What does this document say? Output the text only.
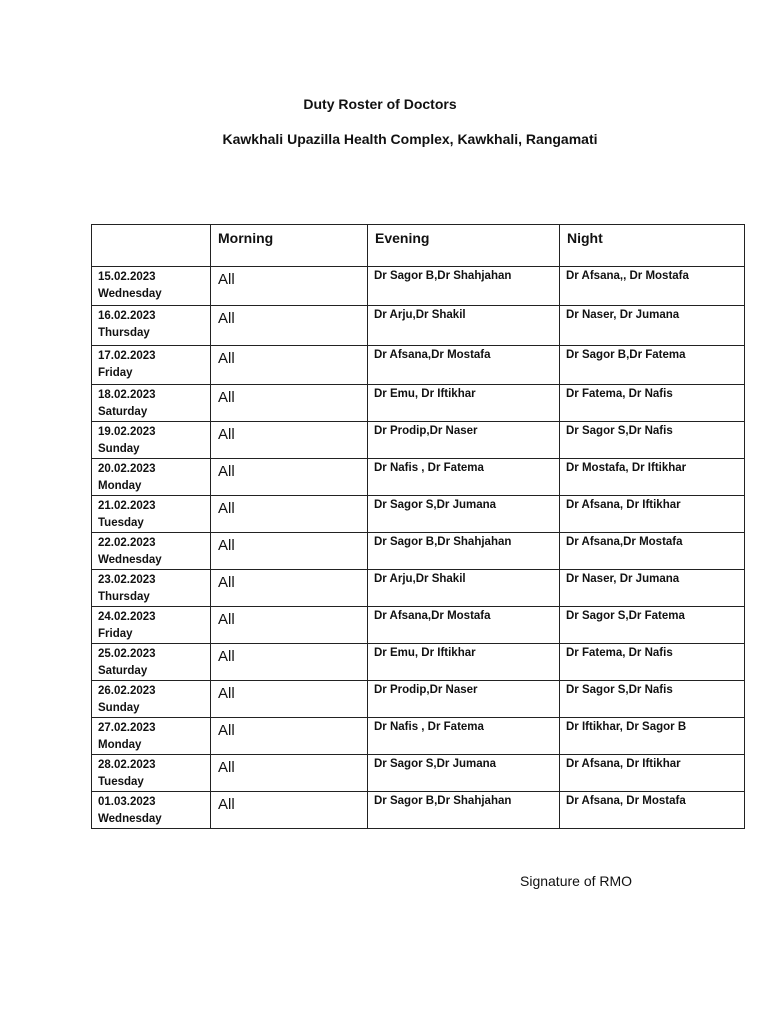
Duty Roster of Doctors
Kawkhali Upazilla Health Complex, Kawkhali, Rangamati
	Morning	Evening	Night

15.02.2023
Wednesday	All	Dr Sagor B,Dr Shahjahan	Dr Afsana,, Dr Mostafa

16.02.2023
Thursday	All	Dr Arju,Dr Shakil	Dr Naser, Dr Jumana

17.02.2023
Friday	All	Dr Afsana,Dr Mostafa	Dr Sagor B,Dr Fatema

18.02.2023
Saturday	All	Dr Emu, Dr Iftikhar	Dr Fatema, Dr Nafis

19.02.2023
Sunday	All	Dr Prodip,Dr Naser	Dr Sagor S,Dr Nafis

20.02.2023
Monday	All	Dr Nafis , Dr Fatema	Dr Mostafa, Dr Iftikhar

21.02.2023
Tuesday	All	Dr Sagor S,Dr Jumana	Dr Afsana, Dr Iftikhar

22.02.2023
Wednesday	All	Dr Sagor B,Dr Shahjahan	Dr Afsana,Dr Mostafa

23.02.2023
Thursday	All	Dr Arju,Dr Shakil	Dr Naser, Dr Jumana

24.02.2023
Friday	All	Dr Afsana,Dr Mostafa	Dr Sagor S,Dr Fatema

25.02.2023
Saturday	All	Dr Emu, Dr Iftikhar	Dr Fatema, Dr Nafis

26.02.2023
Sunday	All	Dr Prodip,Dr Naser	Dr Sagor S,Dr Nafis

27.02.2023
Monday	All	Dr Nafis , Dr Fatema	Dr Iftikhar, Dr Sagor B

28.02.2023
Tuesday	All	Dr Sagor S,Dr Jumana	Dr Afsana, Dr Iftikhar

01.03.2023
Wednesday	All	Dr Sagor B,Dr Shahjahan	Dr Afsana, Dr Mostafa
Signature of RMO
